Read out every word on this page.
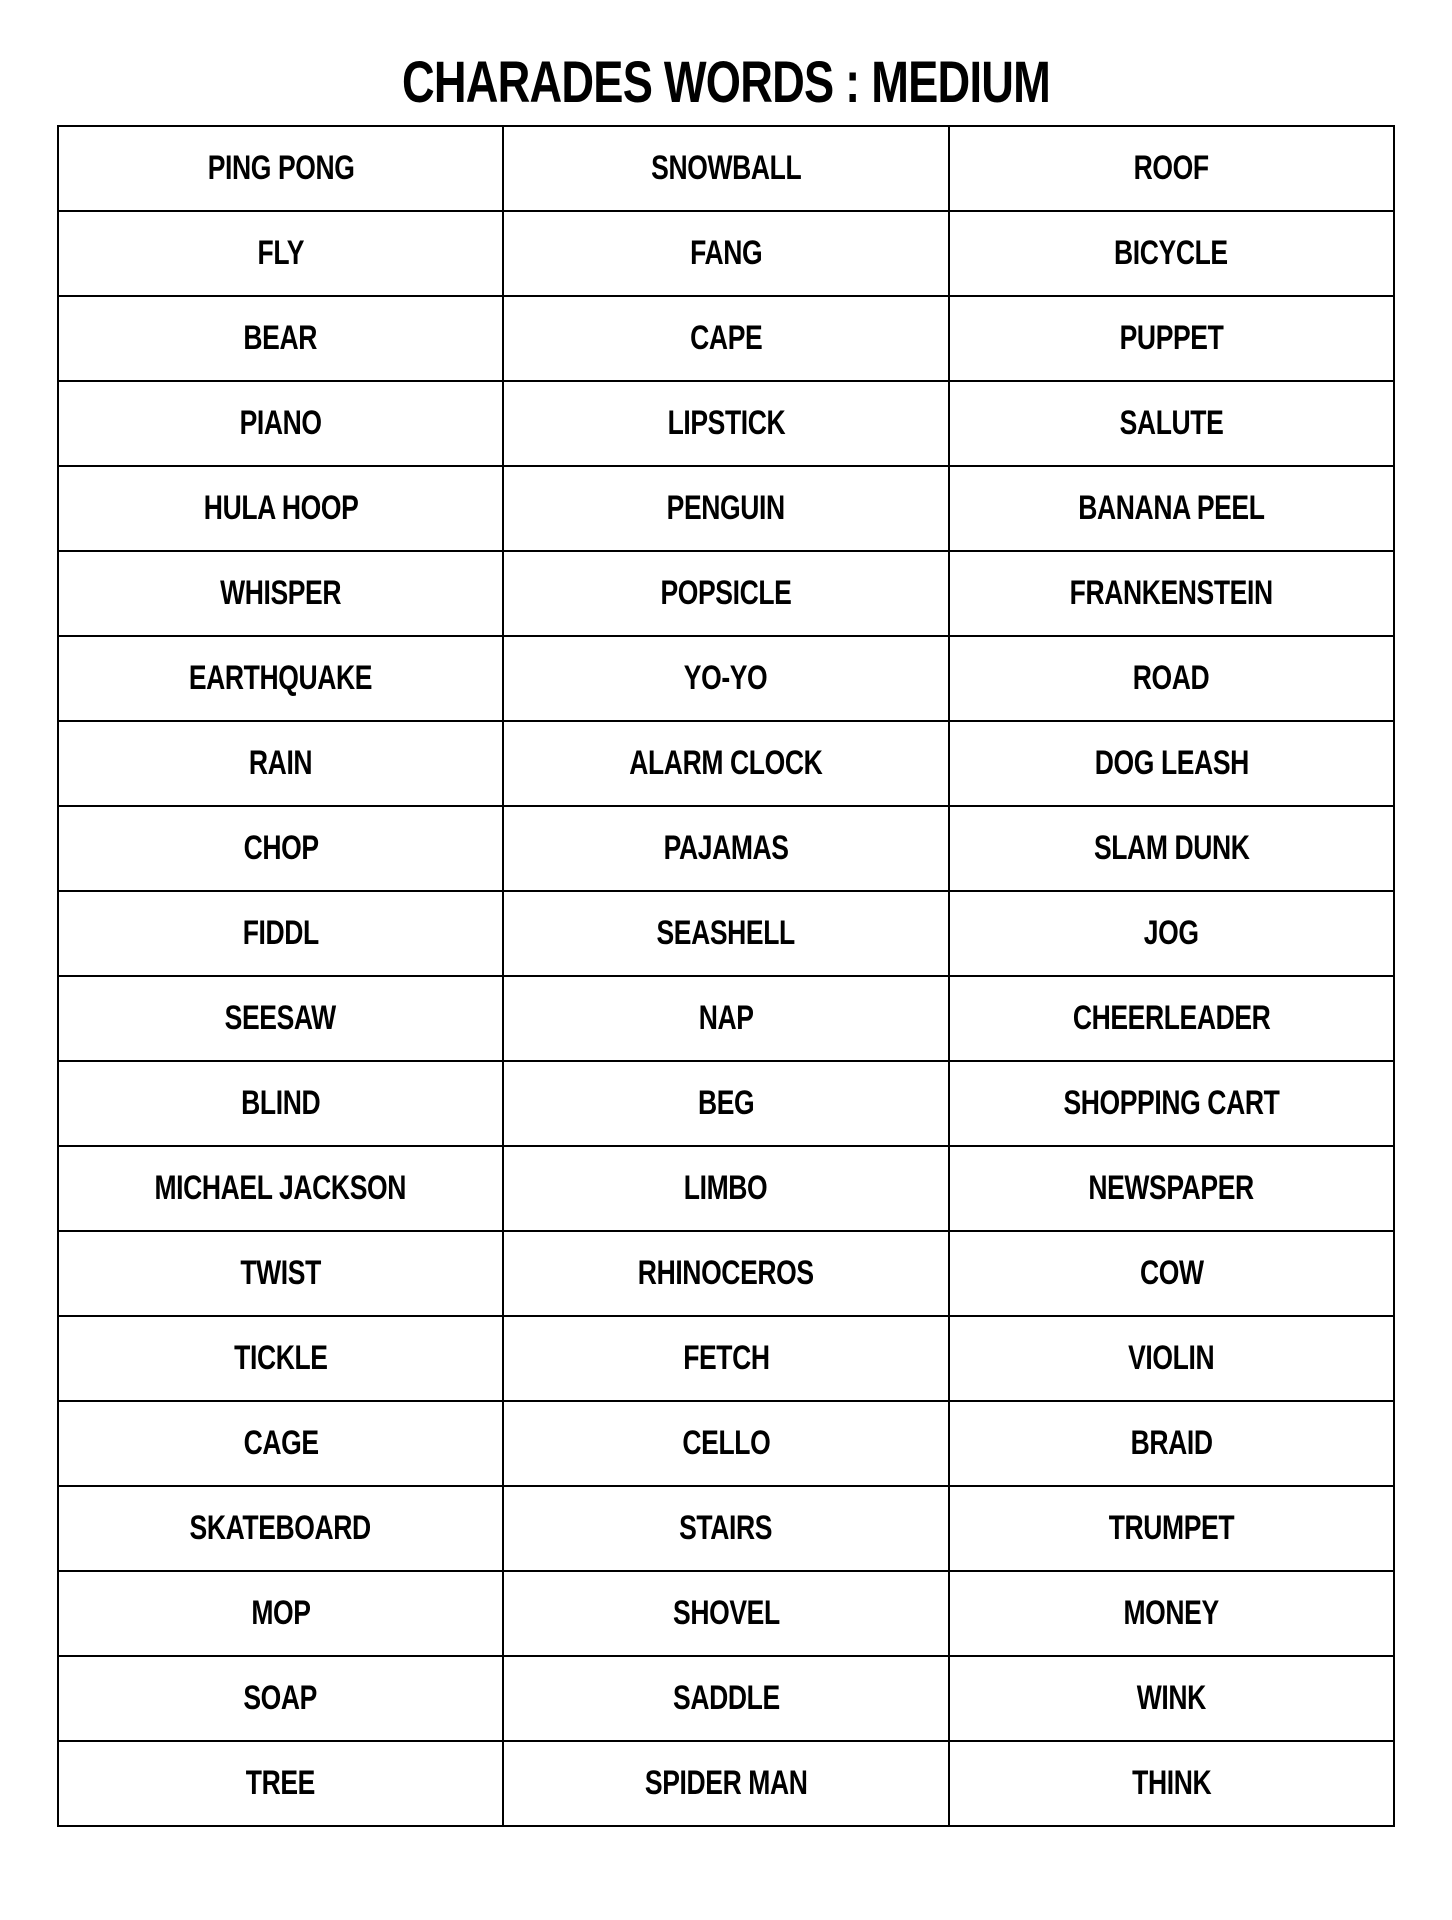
CHARADES WORDS : MEDIUM
PING PONG	SNOWBALL	ROOF
FLY	FANG	BICYCLE
BEAR	CAPE	PUPPET
PIANO	LIPSTICK	SALUTE
HULA HOOP	PENGUIN	BANANA PEEL
WHISPER	POPSICLE	FRANKENSTEIN
EARTHQUAKE	YO-YO	ROAD
RAIN	ALARM CLOCK	DOG LEASH
CHOP	PAJAMAS	SLAM DUNK
FIDDL	SEASHELL	JOG
SEESAW	NAP	CHEERLEADER
BLIND	BEG	SHOPPING CART
MICHAEL JACKSON	LIMBO	NEWSPAPER
TWIST	RHINOCEROS	COW
TICKLE	FETCH	VIOLIN
CAGE	CELLO	BRAID
SKATEBOARD	STAIRS	TRUMPET
MOP	SHOVEL	MONEY
SOAP	SADDLE	WINK
TREE	SPIDER MAN	THINK
